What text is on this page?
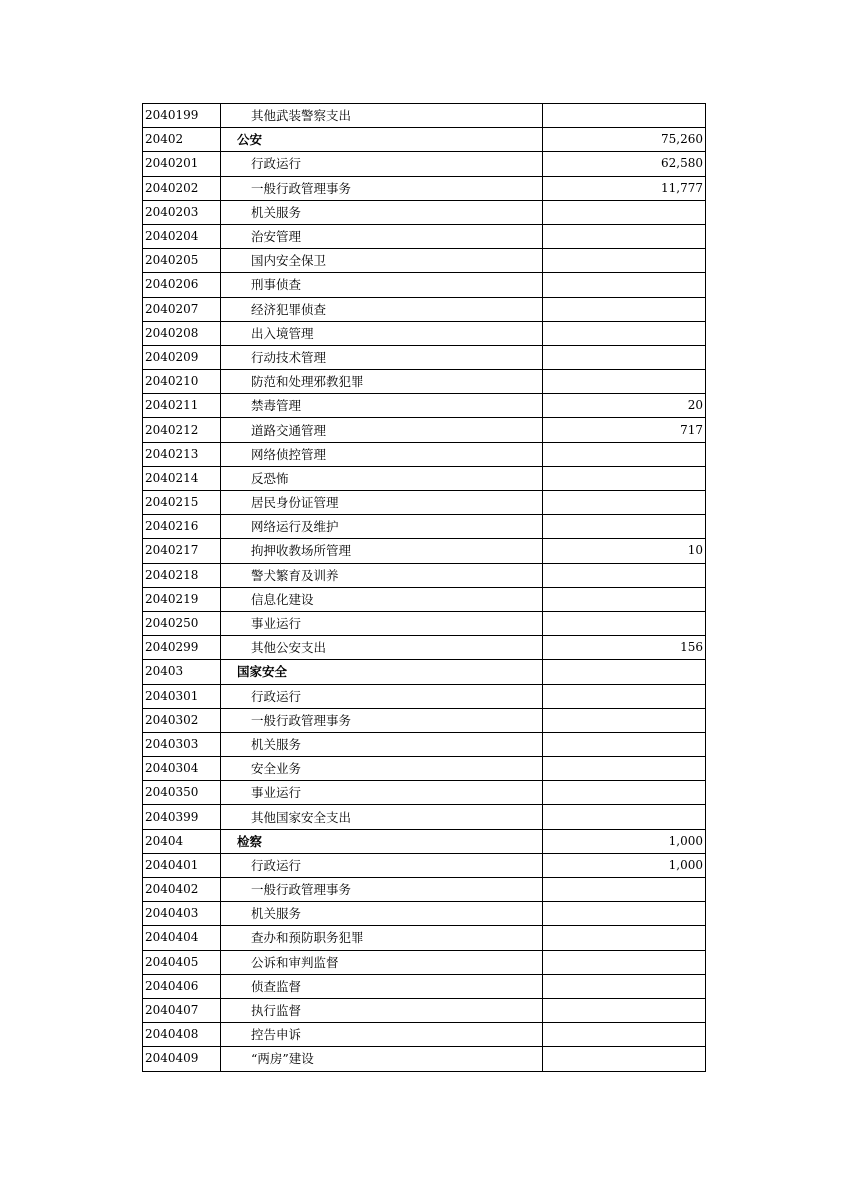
2040199	其他武装警察支出	
20402	公安	75,260
2040201	行政运行	62,580
2040202	一般行政管理事务	11,777
2040203	机关服务	
2040204	治安管理	
2040205	国内安全保卫	
2040206	刑事侦查	
2040207	经济犯罪侦查	
2040208	出入境管理	
2040209	行动技术管理	
2040210	防范和处理邪教犯罪	
2040211	禁毒管理	20
2040212	道路交通管理	717
2040213	网络侦控管理	
2040214	反恐怖	
2040215	居民身份证管理	
2040216	网络运行及维护	
2040217	拘押收教场所管理	10
2040218	警犬繁育及训养	
2040219	信息化建设	
2040250	事业运行	
2040299	其他公安支出	156
20403	国家安全	
2040301	行政运行	
2040302	一般行政管理事务	
2040303	机关服务	
2040304	安全业务	
2040350	事业运行	
2040399	其他国家安全支出	
20404	检察	1,000
2040401	行政运行	1,000
2040402	一般行政管理事务	
2040403	机关服务	
2040404	查办和预防职务犯罪	
2040405	公诉和审判监督	
2040406	侦查监督	
2040407	执行监督	
2040408	控告申诉	
2040409	“两房”建设	
